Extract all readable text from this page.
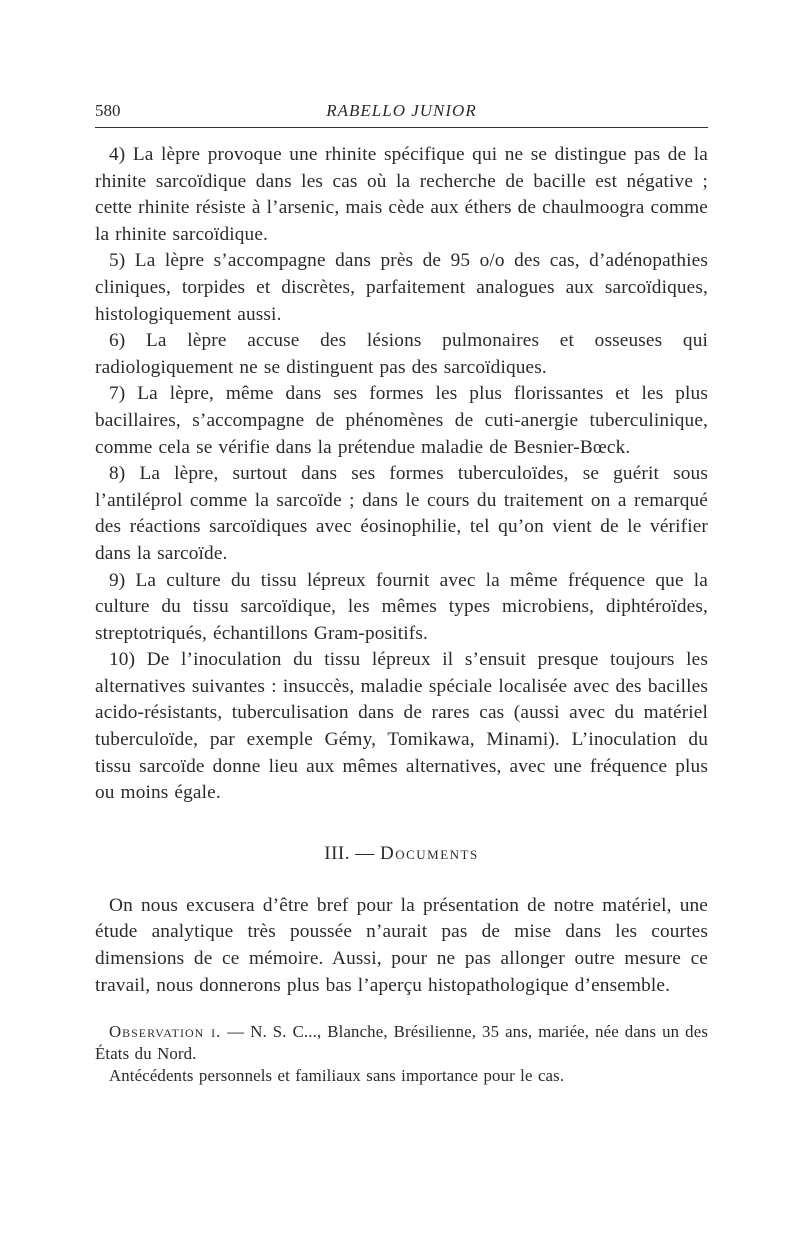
580	RABELLO JUNIOR

4) La lèpre provoque une rhinite spécifique qui ne se distingue pas de la rhinite sarcoïdique dans les cas où la recherche de bacille est négative ; cette rhinite résiste à l’arsenic, mais cède aux éthers de chaulmoogra comme la rhinite sarcoïdique.

5) La lèpre s’accompagne dans près de 95 o/o des cas, d’adénopathies cliniques, torpides et discrètes, parfaitement analogues aux sarcoïdiques, histologiquement aussi.

6) La lèpre accuse des lésions pulmonaires et osseuses qui radiologiquement ne se distinguent pas des sarcoïdiques.

7) La lèpre, même dans ses formes les plus florissantes et les plus bacillaires, s’accompagne de phénomènes de cuti-anergie tuberculinique, comme cela se vérifie dans la prétendue maladie de Besnier-Bœck.

8) La lèpre, surtout dans ses formes tuberculoïdes, se guérit sous l’antiléprol comme la sarcoïde ; dans le cours du traitement on a remarqué des réactions sarcoïdiques avec éosinophilie, tel qu’on vient de le vérifier dans la sarcoïde.

9) La culture du tissu lépreux fournit avec la même fréquence que la culture du tissu sarcoïdique, les mêmes types microbiens, diphtéroïdes, streptotriqués, échantillons Gram-positifs.

10) De l’inoculation du tissu lépreux il s’ensuit presque toujours les alternatives suivantes : insuccès, maladie spéciale localisée avec des bacilles acido-résistants, tuberculisation dans de rares cas (aussi avec du matériel tuberculoïde, par exemple Gémy, Tomikawa, Minami). L’inoculation du tissu sarcoïde donne lieu aux mêmes alternatives, avec une fréquence plus ou moins égale.

III. — Documents

On nous excusera d’être bref pour la présentation de notre matériel, une étude analytique très poussée n’aurait pas de mise dans les courtes dimensions de ce mémoire. Aussi, pour ne pas allonger outre mesure ce travail, nous donnerons plus bas l’aperçu histopathologique d’ensemble.

Observation i. — N. S. C..., Blanche, Brésilienne, 35 ans, mariée, née dans un des États du Nord.

Antécédents personnels et familiaux sans importance pour le cas.
